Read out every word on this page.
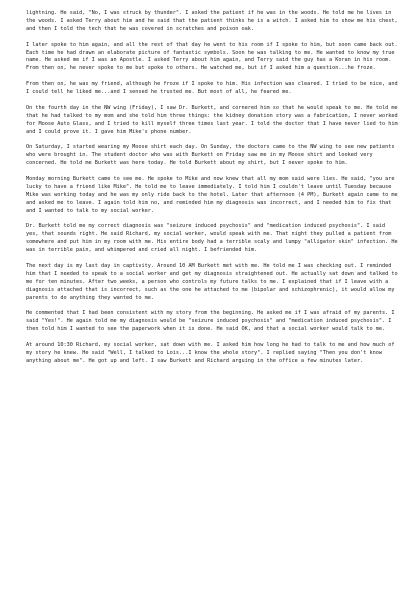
lightning. He said, "No, I was struck by thunder". I asked the patient if he was in the woods. He told me he lives in the woods. I asked Terry about him and he said that the patient thinks he is a witch. I asked him to show me his chest, and then I told the tech that he was covered in scratches and poison oak.

I later spoke to him again, and all the rest of that day he went to his room if I spoke to him, but soon came back out. Each time he had drawn an elaborate picture of fantastic symbols. Soon he was talking to me. He wanted to know my true name. He asked me if I was an Apostle. I asked Terry about him again, and Terry said the guy has a Koran in his room. From then on, he never spoke to me but spoke to others. He watched me, but if I asked him a question...he froze.

From then on, he was my friend, although he froze if I spoke to him. His infection was cleared. I tried to be nice, and I could tell he liked me...and I sensed he trusted me. But most of all, he feared me.

On the fourth day in the NW wing (Friday), I saw Dr. Burkett, and cornered him so that he would speak to me. He told me that he had talked to my mom and she told him three things: the kidney donation story was a fabrication, I never worked for Moose Auto Glass, and I tried to kill myself three times last year. I told the doctor that I have never lied to him and I could prove it. I gave him Mike's phone number.

On Saturday, I started wearing my Moose shirt each day. On Sunday, the doctors came to the NW wing to see new patients who were brought in. The student doctor who was with Burkett on Friday saw me in my Moose shirt and looked very concerned. He told me Burkett was here today. He told Burkett about my shirt, but I never spoke to him.

Monday morning Burkett came to see me. He spoke to Mike and now knew that all my mom said were lies. He said, "you are lucky to have a friend like Mike". He told me to leave immediately. I told him I couldn't leave until Tuesday because Mike was working today and he was my only ride back to the hotel. Later that afternoon (4 PM), Burkett again came to me and asked me to leave. I again told him no, and reminded him my diagnosis was incorrect, and I needed him to fix that and I wanted to talk to my social worker.

Dr. Burkett told me my correct diagnosis was "seizure induced psychosis" and "medication induced psychosis". I said yes, that sounds right. He said Richard, my social worker, would speak with me. That night they pulled a patient from somewhere and put him in my room with me. His entire body had a terrible scaly and lumpy "alligator skin" infection. He was in terrible pain, and whimpered and cried all night. I befriended him.

The next day is my last day in captivity. Around 10 AM Burkett met with me. He told me I was checking out. I reminded him that I needed to speak to a social worker and get my diagnosis straightened out. He actually sat down and talked to me for ten minutes. After two weeks, a person who controls my future talks to me. I explained that if I leave with a diagnosis attached that is incorrect, such as the one he attached to me (bipolar and schizophrenic), it would allow my parents to do anything they wanted to me.

He commented that I had been consistent with my story from the beginning. He asked me if I was afraid of my parents. I said "Yes!". He again told me my diagnosis would be "seizure induced psychosis" and "medication induced psychosis". I then told him I wanted to see the paperwork when it is done. He said OK, and that a social worker would talk to me.

At around 10:30 Richard, my social worker, sat down with me. I asked him how long he had to talk to me and how much of my story he knew. He said "Well, I talked to Lois...I know the whole story". I replied saying "Then you don't know anything about me". He got up and left. I saw Burkett and Richard arguing in the office a few minutes later.
